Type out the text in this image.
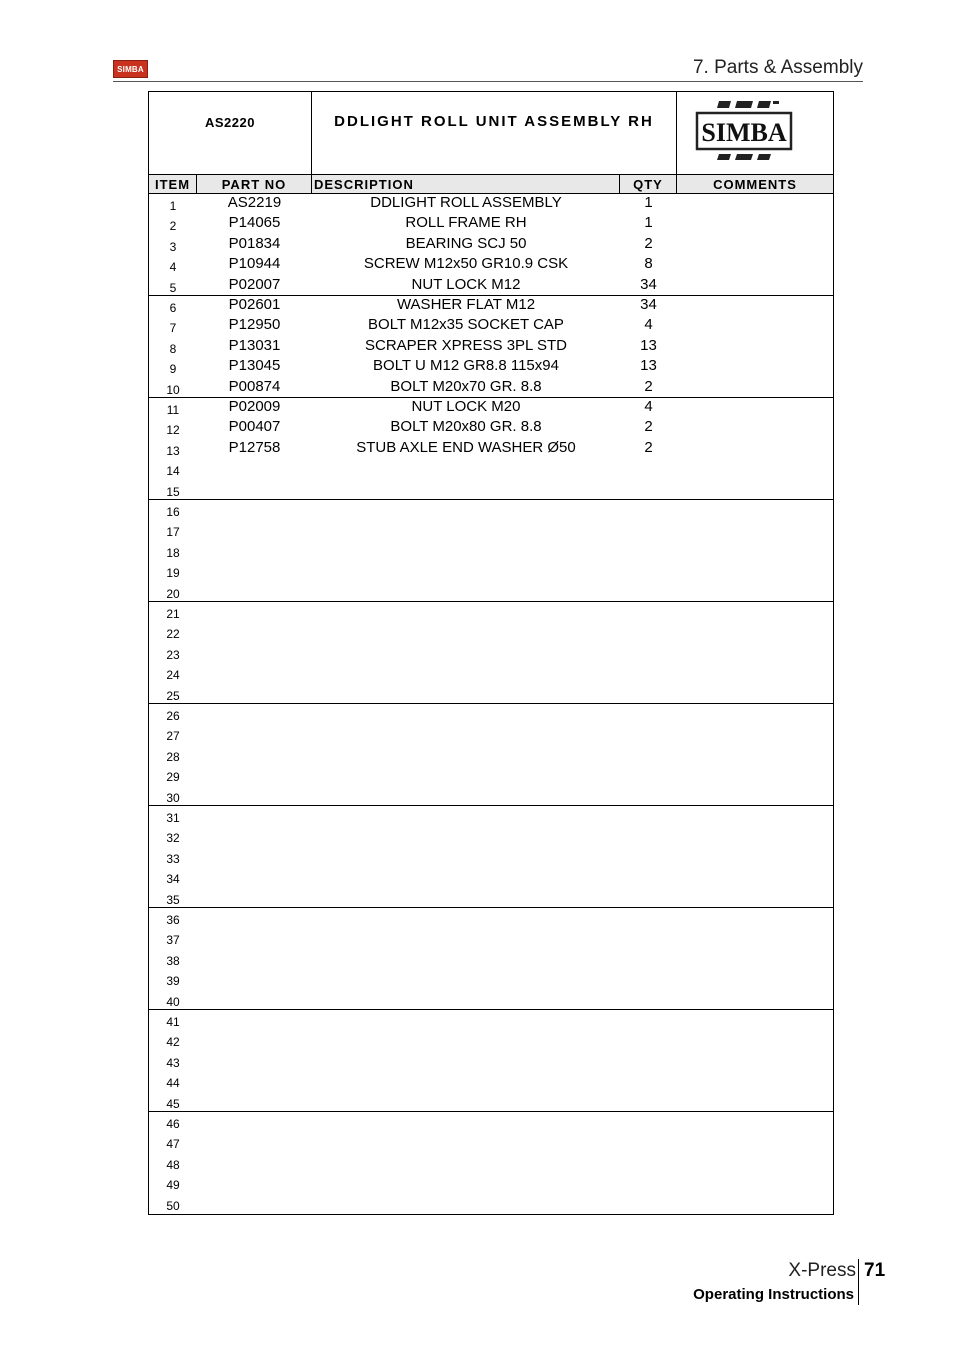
SIMBA	7. Parts & Assembly
AS2220	DDLIGHT ROLL UNIT ASSEMBLY RH	SIMBA
ITEM	PART NO	DESCRIPTION	QTY	COMMENTS
1	AS2219	DDLIGHT ROLL ASSEMBLY	1
2	P14065	ROLL FRAME RH	1
3	P01834	BEARING SCJ 50	2
4	P10944	SCREW M12x50 GR10.9 CSK	8
5	P02007	NUT LOCK M12	34
6	P02601	WASHER FLAT M12	34
7	P12950	BOLT M12x35 SOCKET CAP	4
8	P13031	SCRAPER XPRESS 3PL STD	13
9	P13045	BOLT U M12 GR8.8 115x94	13
10	P00874	BOLT M20x70 GR. 8.8	2
11	P02009	NUT LOCK M20	4
12	P00407	BOLT M20x80 GR. 8.8	2
13	P12758	STUB AXLE END WASHER Ø50	2
14
15
16
17
18
19
20
21
22
23
24
25
26
27
28
29
30
31
32
33
34
35
36
37
38
39
40
41
42
43
44
45
46
47
48
49
50
X-Press 71
Operating Instructions
